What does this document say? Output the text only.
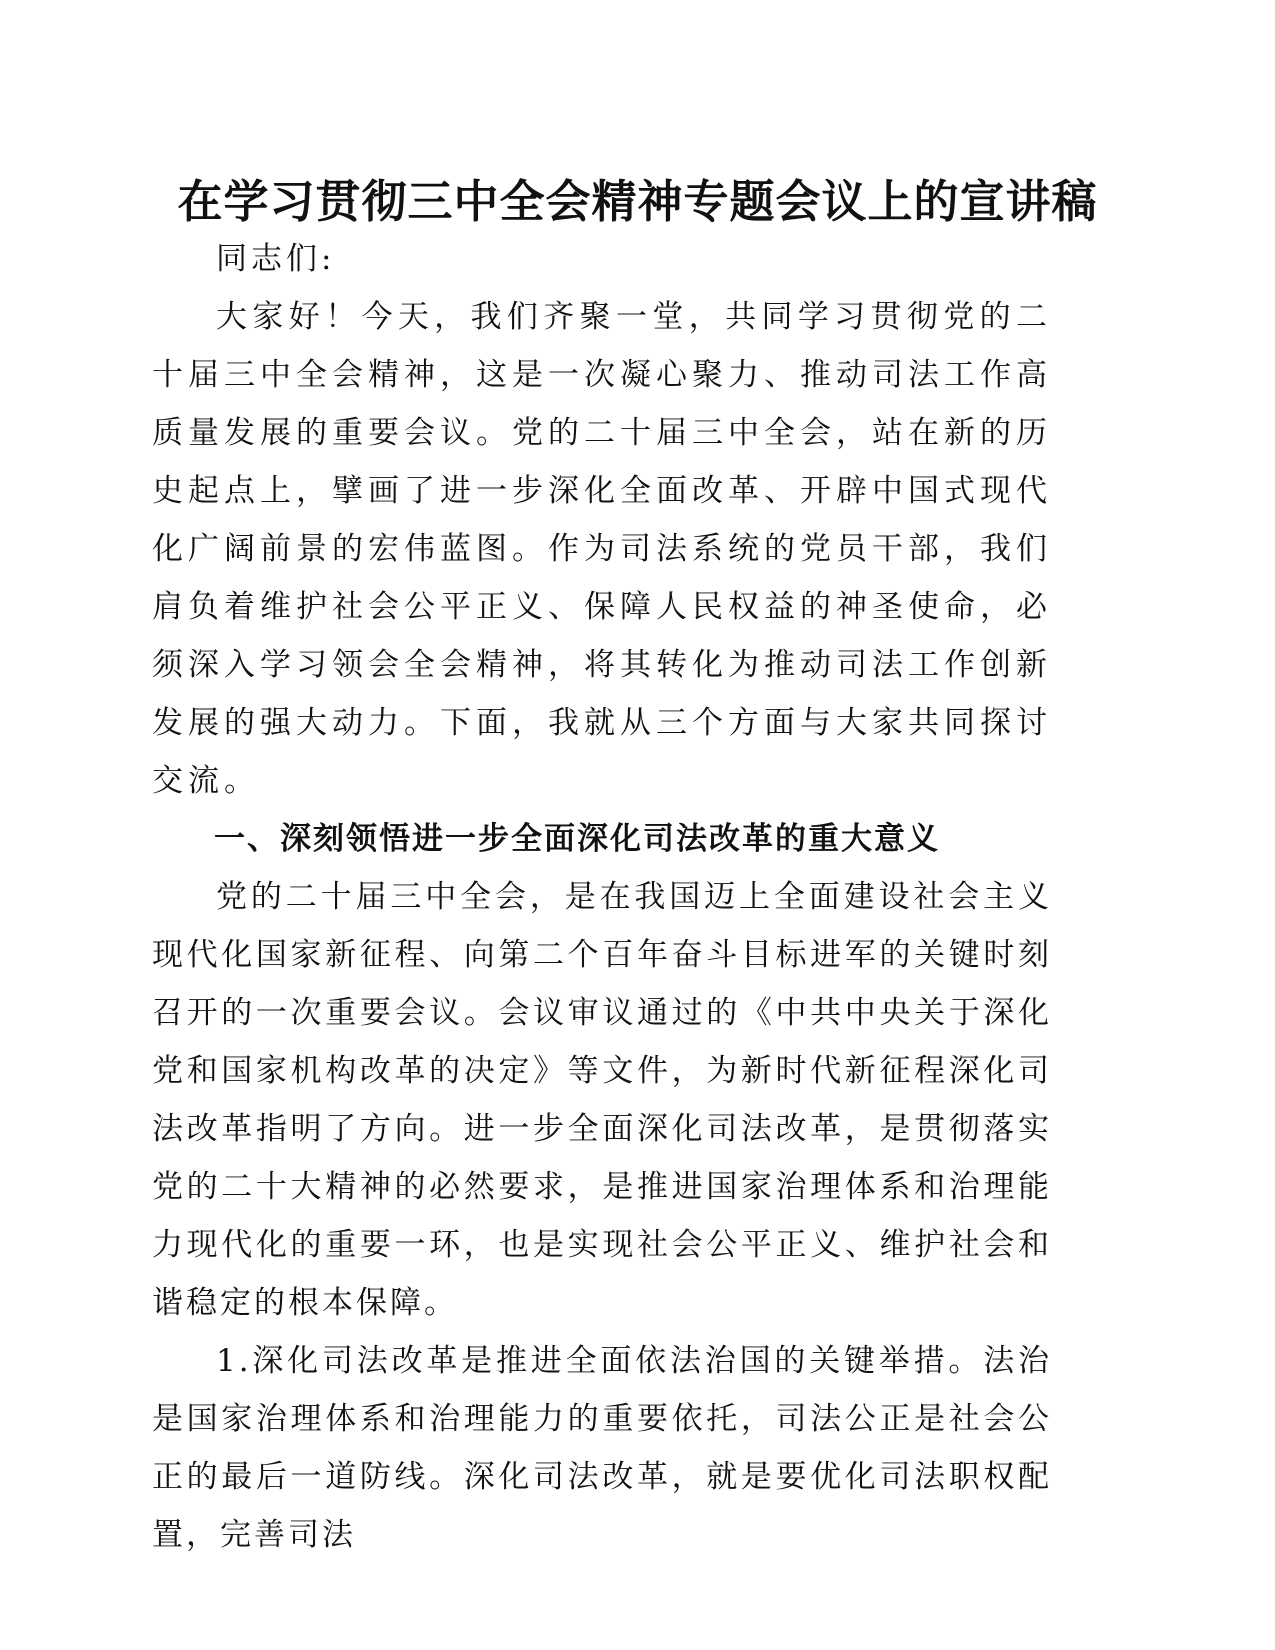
在学习贯彻三中全会精神专题会议上的宣讲稿

同志们:

大家好！今天，我们齐聚一堂，共同学习贯彻党的二十届三中全会精神，这是一次凝心聚力、推动司法工作高质量发展的重要会议。党的二十届三中全会，站在新的历史起点上，擘画了进一步深化全面改革、开辟中国式现代化广阔前景的宏伟蓝图。作为司法系统的党员干部，我们肩负着维护社会公平正义、保障人民权益的神圣使命，必须深入学习领会全会精神，将其转化为推动司法工作创新发展的强大动力。下面，我就从三个方面与大家共同探讨交流。

一、深刻领悟进一步全面深化司法改革的重大意义

党的二十届三中全会，是在我国迈上全面建设社会主义现代化国家新征程、向第二个百年奋斗目标进军的关键时刻召开的一次重要会议。会议审议通过的《中共中央关于深化党和国家机构改革的决定》等文件，为新时代新征程深化司法改革指明了方向。进一步全面深化司法改革，是贯彻落实党的二十大精神的必然要求，是推进国家治理体系和治理能力现代化的重要一环，也是实现社会公平正义、维护社会和谐稳定的根本保障。

1.深化司法改革是推进全面依法治国的关键举措。法治是国家治理体系和治理能力的重要依托，司法公正是社会公正的最后一道防线。深化司法改革，就是要优化司法职权配置，完善司法
